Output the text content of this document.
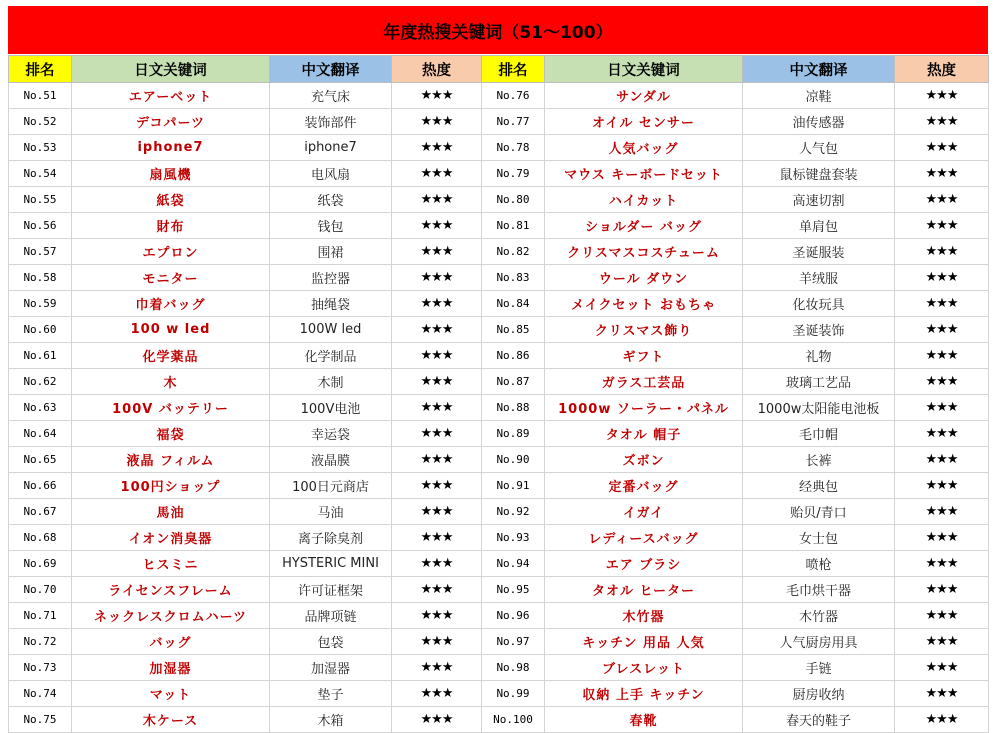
年度热搜关键词（51～100）
排名	日文关键词	中文翻译	热度	排名	日文关键词	中文翻译	热度
No.51	エアーベット	充气床	★★★	No.76	サンダル	凉鞋	★★★
No.52	デコパーツ	装饰部件	★★★	No.77	オイル センサー	油传感器	★★★
No.53	iphone7	iphone7	★★★	No.78	人気バッグ	人气包	★★★
No.54	扇風機	电风扇	★★★	No.79	マウス キーボードセット	鼠标键盘套装	★★★
No.55	紙袋	纸袋	★★★	No.80	ハイカット	高速切割	★★★
No.56	財布	钱包	★★★	No.81	ショルダー バッグ	单肩包	★★★
No.57	エプロン	围裙	★★★	No.82	クリスマスコスチューム	圣诞服装	★★★
No.58	モニター	监控器	★★★	No.83	ウール ダウン	羊绒服	★★★
No.59	巾着バッグ	抽绳袋	★★★	No.84	メイクセット おもちゃ	化妆玩具	★★★
No.60	100 w led	100W led	★★★	No.85	クリスマス飾り	圣诞装饰	★★★
No.61	化学薬品	化学制品	★★★	No.86	ギフト	礼物	★★★
No.62	木	木制	★★★	No.87	ガラス工芸品	玻璃工艺品	★★★
No.63	100V バッテリー	100V电池	★★★	No.88	1000w ソーラー・パネル	1000w太阳能电池板	★★★
No.64	福袋	幸运袋	★★★	No.89	タオル 帽子	毛巾帽	★★★
No.65	液晶 フィルム	液晶膜	★★★	No.90	ズボン	长裤	★★★
No.66	100円ショップ	100日元商店	★★★	No.91	定番バッグ	经典包	★★★
No.67	馬油	马油	★★★	No.92	イガイ	贻贝/青口	★★★
No.68	イオン消臭器	离子除臭剂	★★★	No.93	レディースバッグ	女士包	★★★
No.69	ヒスミニ	HYSTERIC MINI	★★★	No.94	エア ブラシ	喷枪	★★★
No.70	ライセンスフレーム	许可证框架	★★★	No.95	タオル ヒーター	毛巾烘干器	★★★
No.71	ネックレスクロムハーツ	品牌项链	★★★	No.96	木竹器	木竹器	★★★
No.72	バッグ	包袋	★★★	No.97	キッチン 用品 人気	人气厨房用具	★★★
No.73	加湿器	加湿器	★★★	No.98	ブレスレット	手链	★★★
No.74	マット	垫子	★★★	No.99	収納 上手 キッチン	厨房收纳	★★★
No.75	木ケース	木箱	★★★	No.100	春靴	春天的鞋子	★★★
